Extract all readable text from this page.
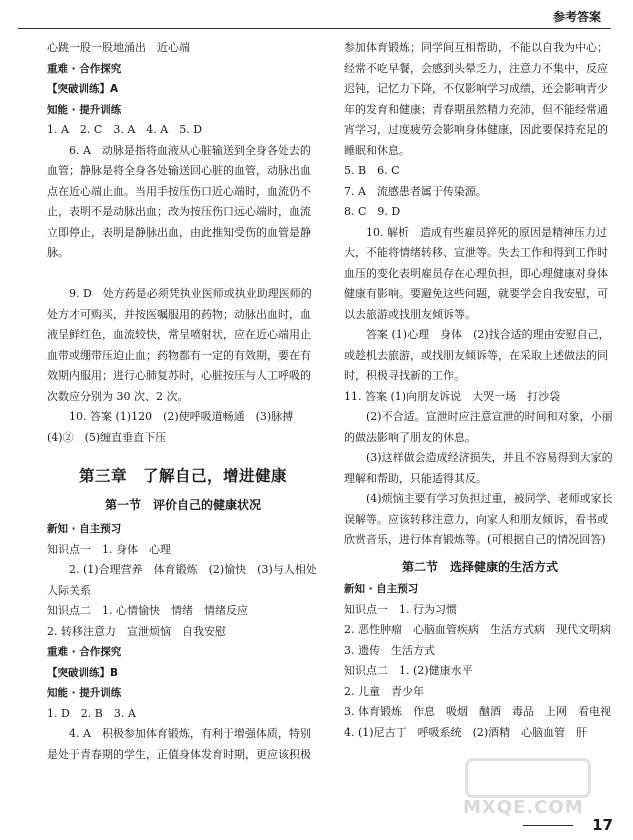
参考答案

心跳一股一股地涌出　近心端

重难 · 合作探究

【突破训练】A

知能 · 提升训练

1. A　2. C　3. A　4. A　5. D

6. A　动脉是指将血液从心脏输送到全身各处去的血管；静脉是将全身各处输送回心脏的血管，动脉出血点在近心端止血。当用手按压伤口近心端时，血流仍不止，表明不是动脉出血；改为按压伤口远心端时，血流立即停止，表明是静脉出血，由此推知受伤的血管是静脉。

9. D　处方药是必须凭执业医师或执业助理医师的处方才可购买，并按医嘱服用的药物；动脉出血时，血液呈鲜红色，血流较快，常呈喷射状，应在近心端用止血带或绷带压迫止血；药物都有一定的有效期，要在有效期内服用；进行心肺复苏时，心脏按压与人工呼吸的次数应分别为 30 次、2 次。

10. 答案 (1)120　(2)使呼吸道畅通　(3)脉搏　(4)②　(5)缠直垂直下压

第三章　了解自己，增进健康
第一节　评价自己的健康状况

新知 · 自主预习

知识点一　1. 身体　心理

2. (1)合理营养　体育锻炼　(2)愉快　(3)与人相处　人际关系

知识点二　1. 心情愉快　情绪　情绪反应

2. 转移注意力　宣泄烦恼　自我安慰

重难 · 合作探究

【突破训练】B

知能 · 提升训练

1. D　2. B　3. A

4. A　积极参加体育锻炼，有利于增强体质，特别是处于青春期的学生，正值身体发育时期，更应该积极

参加体育锻炼；同学间互相帮助，不能以自我为中心；经常不吃早餐，会感到头晕乏力，注意力不集中，反应迟钝，记忆力下降，不仅影响学习成绩，还会影响青少年的发育和健康；青春期虽然精力充沛，但不能经常通宵学习，过度疲劳会影响身体健康，因此要保持充足的睡眠和休息。

5. B　6. C

7. A　流感患者属于传染源。

8. C　9. D

10. 解析　造成有些雇员猝死的原因是精神压力过大，不能将情绪转移、宣泄等。失去工作和得到工作时血压的变化表明雇员存在心理负担，即心理健康对身体健康有影响。要避免这些问题，就要学会自我安慰，可以去旅游或找朋友倾诉等。

答案 (1)心理　身体　(2)找合适的理由安慰自己，或趁机去旅游，或找朋友倾诉等，在采取上述做法的同时，积极寻找新的工作。

11. 答案 (1)向朋友诉说　大哭一场　打沙袋

(2)不合适。宣泄时应注意宣泄的时间和对象，小丽的做法影响了朋友的休息。

(3)这样做会造成经济损失，并且不容易得到大家的理解和帮助，只能适得其反。

(4)烦恼主要有学习负担过重，被同学、老师或家长误解等。应该转移注意力，向家人和朋友倾诉，看书或欣赏音乐，进行体育锻炼等。(可根据自己的情况回答)

第二节　选择健康的生活方式

新知 · 自主预习

知识点一　1. 行为习惯

2. 恶性肿瘤　心脑血管疾病　生活方式病　现代文明病

3. 遗传　生活方式

知识点二　1. (2)健康水平

2. 儿童　青少年

3. 体育锻炼　作息　吸烟　酗酒　毒品　上网　看电视

4. (1)尼古丁　呼吸系统　(2)酒精　心脑血管　肝

MXQE.COM
17
